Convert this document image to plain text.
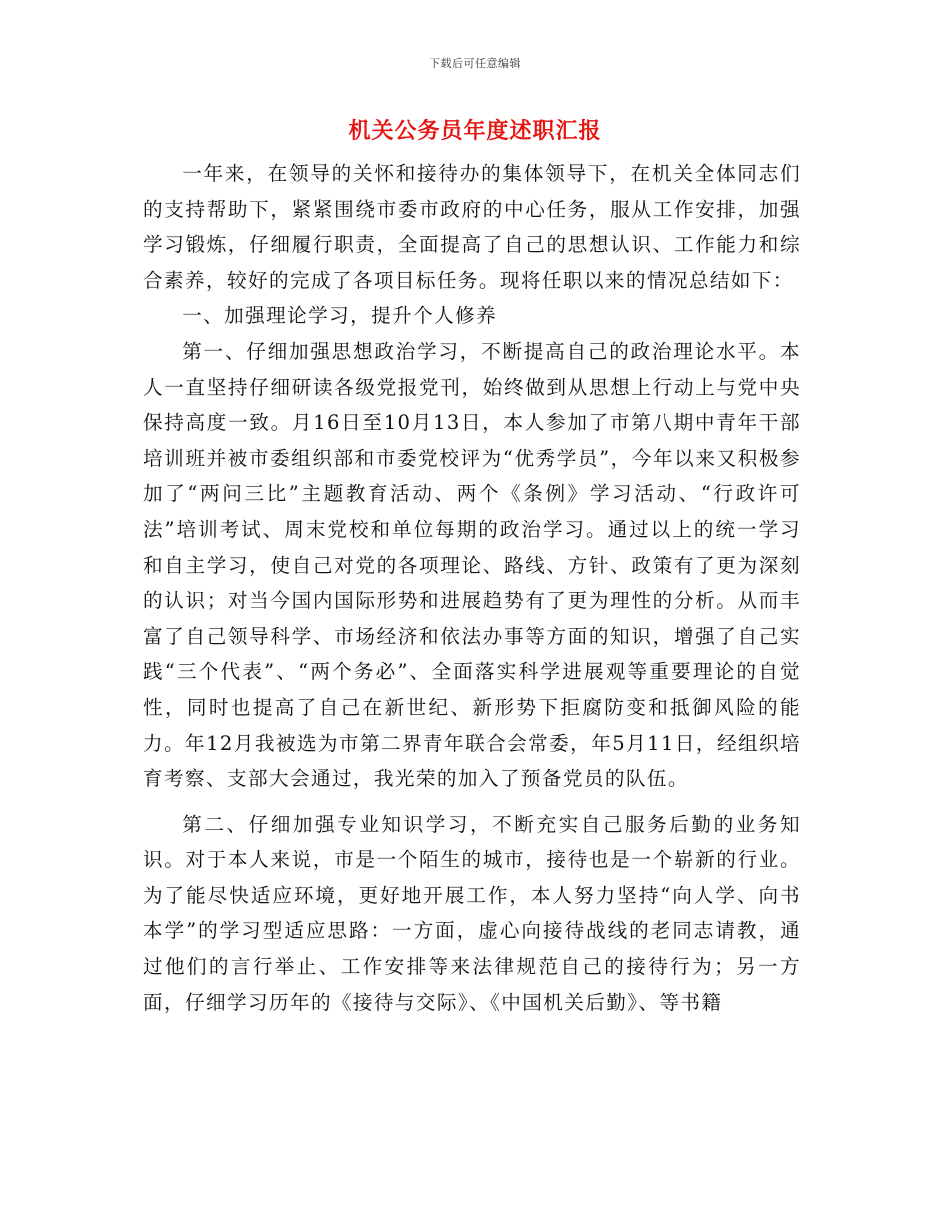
下载后可任意编辑
机关公务员年度述职汇报

一年来，在领导的关怀和接待办的集体领导下，在机关全体同志们的支持帮助下，紧紧围绕市委市政府的中心任务，服从工作安排，加强学习锻炼，仔细履行职责，全面提高了自己的思想认识、工作能力和综合素养，较好的完成了各项目标任务。现将任职以来的情况总结如下：

一、加强理论学习，提升个人修养

第一、仔细加强思想政治学习，不断提高自己的政治理论水平。本人一直坚持仔细研读各级党报党刊，始终做到从思想上行动上与党中央保持高度一致。月16日至10月13日，本人参加了市第八期中青年干部培训班并被市委组织部和市委党校评为“优秀学员”，今年以来又积极参加了“两问三比”主题教育活动、两个《条例》学习活动、“行政许可法”培训考试、周末党校和单位每期的政治学习。通过以上的统一学习和自主学习，使自己对党的各项理论、路线、方针、政策有了更为深刻的认识；对当今国内国际形势和进展趋势有了更为理性的分析。从而丰富了自己领导科学、市场经济和依法办事等方面的知识，增强了自己实践“三个代表”、“两个务必”、全面落实科学进展观等重要理论的自觉性，同时也提高了自己在新世纪、新形势下拒腐防变和抵御风险的能力。年12月我被选为市第二界青年联合会常委，年5月11日，经组织培育考察、支部大会通过，我光荣的加入了预备党员的队伍。

第二、仔细加强专业知识学习，不断充实自己服务后勤的业务知识。对于本人来说，市是一个陌生的城市，接待也是一个崭新的行业。为了能尽快适应环境，更好地开展工作，本人努力坚持“向人学、向书本学”的学习型适应思路：一方面，虚心向接待战线的老同志请教，通过他们的言行举止、工作安排等来法律规范自己的接待行为；另一方面，仔细学习历年的《接待与交际》、《中国机关后勤》、等书籍
